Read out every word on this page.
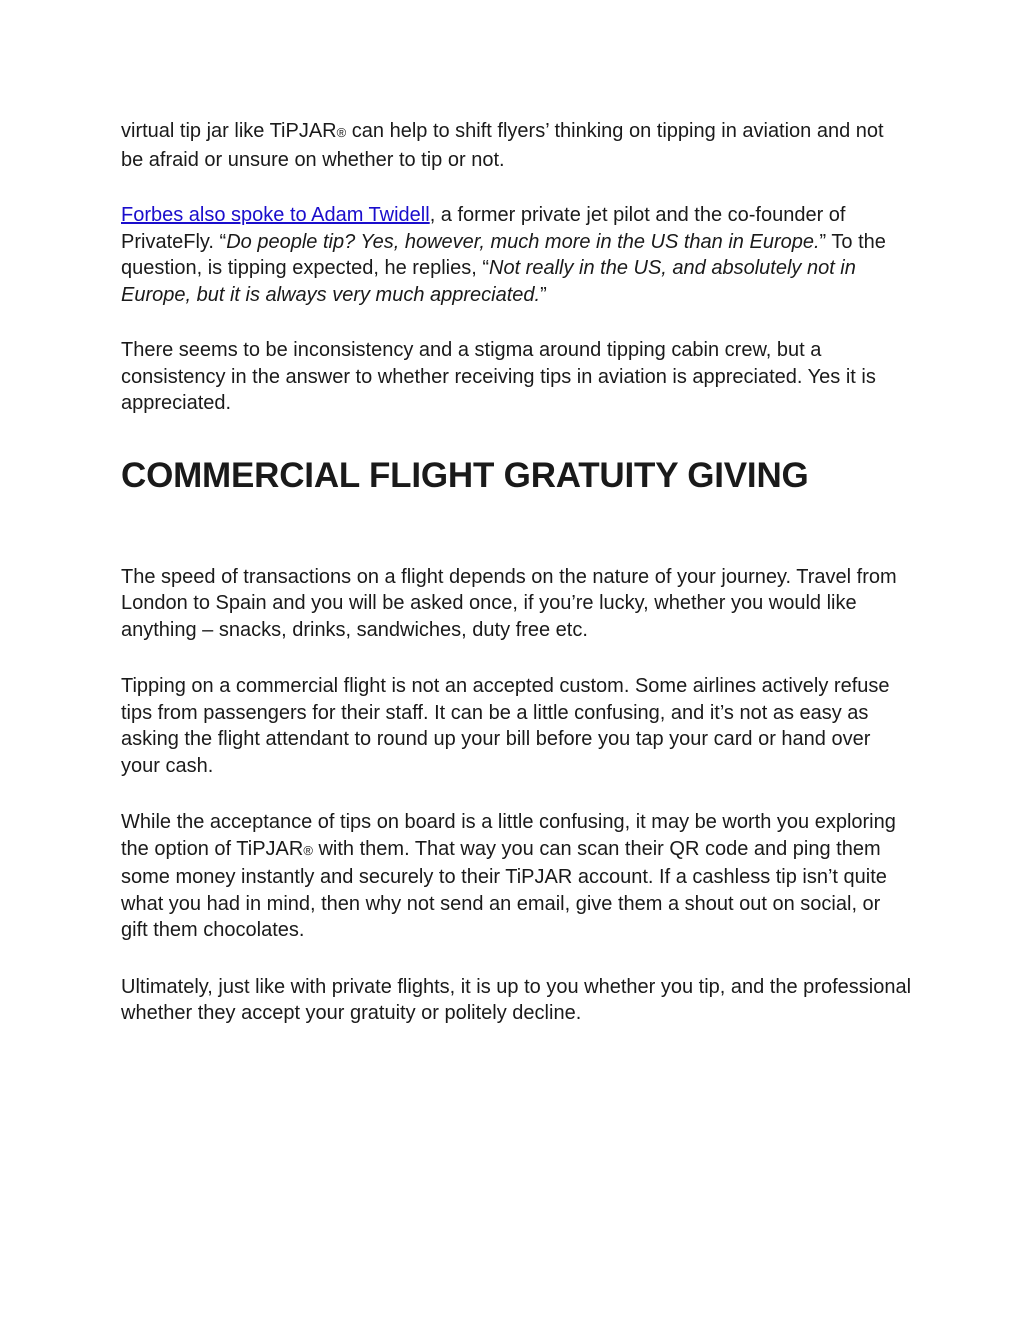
virtual tip jar like TiPJAR® can help to shift flyers’ thinking on tipping in aviation and not be afraid or unsure on whether to tip or not.

Forbes also spoke to Adam Twidell, a former private jet pilot and the co-founder of PrivateFly. “Do people tip? Yes, however, much more in the US than in Europe.” To the question, is tipping expected, he replies, “Not really in the US, and absolutely not in Europe, but it is always very much appreciated.”

There seems to be inconsistency and a stigma around tipping cabin crew, but a consistency in the answer to whether receiving tips in aviation is appreciated. Yes it is appreciated.

COMMERCIAL FLIGHT GRATUITY GIVING

The speed of transactions on a flight depends on the nature of your journey. Travel from London to Spain and you will be asked once, if you’re lucky, whether you would like anything – snacks, drinks, sandwiches, duty free etc.

Tipping on a commercial flight is not an accepted custom. Some airlines actively refuse tips from passengers for their staff. It can be a little confusing, and it’s not as easy as asking the flight attendant to round up your bill before you tap your card or hand over your cash.

While the acceptance of tips on board is a little confusing, it may be worth you exploring the option of TiPJAR® with them. That way you can scan their QR code and ping them some money instantly and securely to their TiPJAR account. If a cashless tip isn’t quite what you had in mind, then why not send an email, give them a shout out on social, or gift them chocolates.

Ultimately, just like with private flights, it is up to you whether you tip, and the professional whether they accept your gratuity or politely decline.
